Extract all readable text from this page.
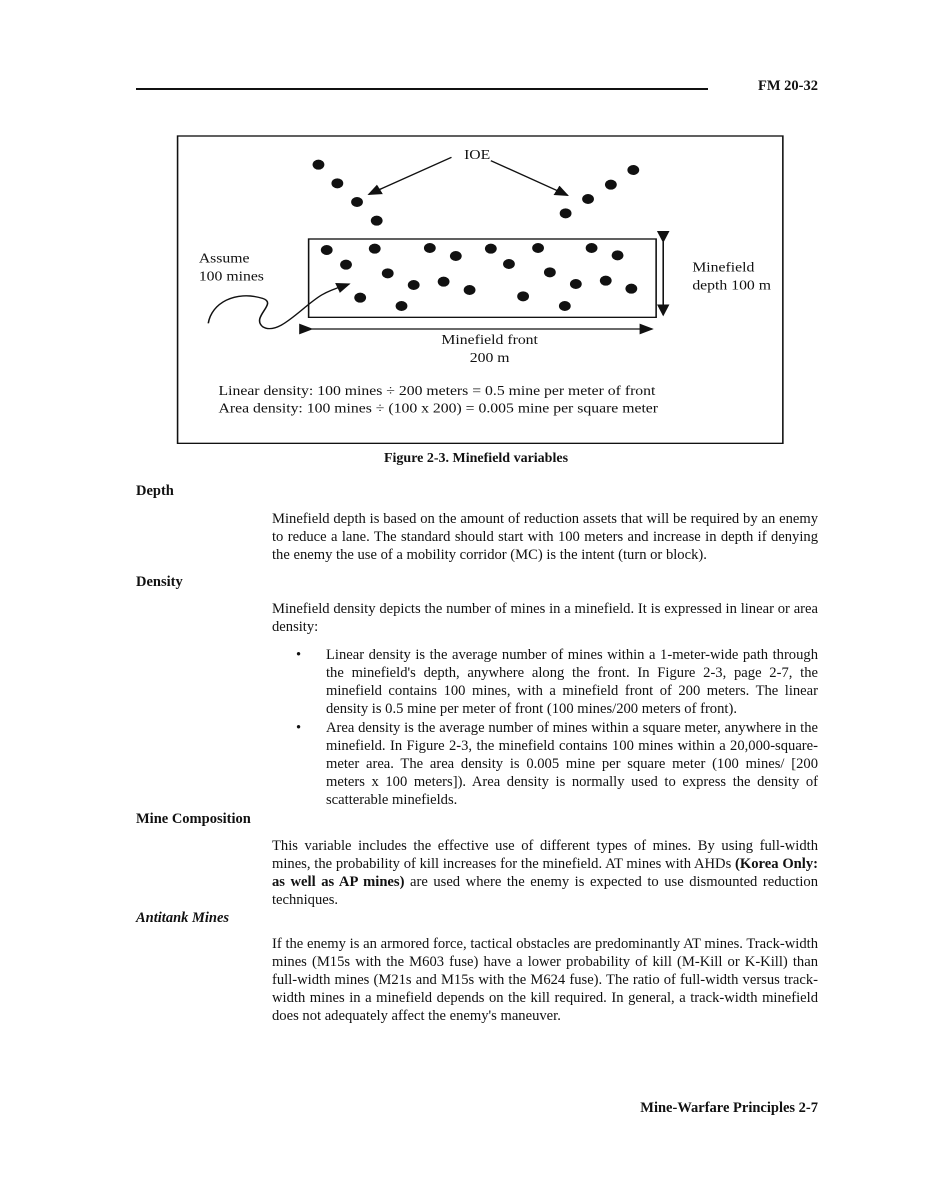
FM 20-32
IOE
Assume
100 mines
Minefield
depth 100 m
Minefield front
200 m
Linear density: 100 mines ÷ 200 meters = 0.5 mine per meter of front
Area density: 100 mines ÷ (100 x 200) = 0.005 mine per square meter
Figure 2-3. Minefield variables
Depth

Minefield depth is based on the amount of reduction assets that will be required by an enemy to reduce a lane. The standard should start with 100 meters and increase in depth if denying the enemy the use of a mobility corridor (MC) is the intent (turn or block).

Density

Minefield density depicts the number of mines in a minefield. It is expressed in linear or area density:

• Linear density is the average number of mines within a 1-meter-wide path through the minefield's depth, anywhere along the front. In Figure 2-3, page 2-7, the minefield contains 100 mines, with a minefield front of 200 meters. The linear density is 0.5 mine per meter of front (100 mines/200 meters of front).
• Area density is the average number of mines within a square meter, anywhere in the minefield. In Figure 2-3, the minefield contains 100 mines within a 20,000-square-meter area. The area density is 0.005 mine per square meter (100 mines/ [200 meters x 100 meters]). Area density is normally used to express the density of scatterable minefields.
Mine Composition

This variable includes the effective use of different types of mines. By using full-width mines, the probability of kill increases for the minefield. AT mines with AHDs (Korea Only: as well as AP mines) are used where the enemy is expected to use dismounted reduction techniques.

Antitank Mines

If the enemy is an armored force, tactical obstacles are predominantly AT mines. Track-width mines (M15s with the M603 fuse) have a lower probability of kill (M-Kill or K-Kill) than full-width mines (M21s and M15s with the M624 fuse). The ratio of full-width versus track-width mines in a minefield depends on the kill required. In general, a track-width minefield does not adequately affect the enemy's maneuver.

Mine-Warfare Principles 2-7
